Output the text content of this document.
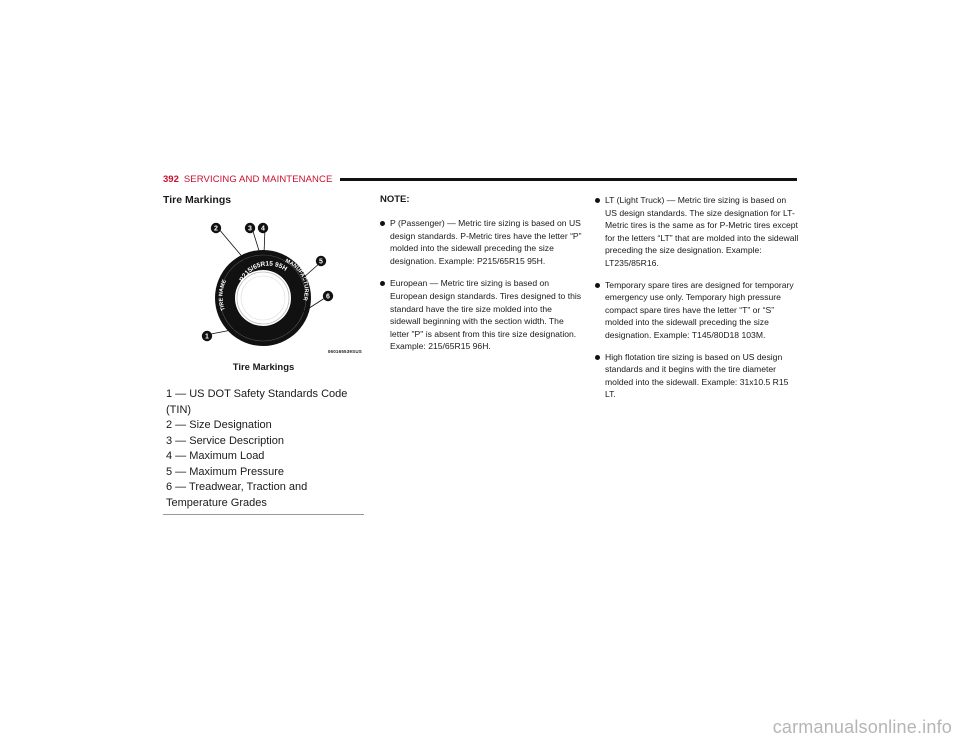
392 SERVICING AND MAINTENANCE
Tire Markings
P215/65R15 95H
MANUFACTURER
TIRE NAME
1
2	3 4
5
6
060165539SUS
Tire Markings

1 — US DOT Safety Standards Code (TIN)

2 — Size Designation

3 — Service Description

4 — Maximum Load

5 — Maximum Pressure

6 — Treadwear, Traction and Temperature Grades

NOTE:

P (Passenger) — Metric tire sizing is based on US design standards. P-Metric tires have the letter “P” molded into the sidewall preceding the size designation. Example: P215/65R15 95H.
European — Metric tire sizing is based on European design standards. Tires designed to this standard have the tire size molded into the sidewall beginning with the section width. The letter "P" is absent from this tire size designation. Example: 215/65R15 96H.
LT (Light Truck) — Metric tire sizing is based on US design standards. The size designation for LT-Metric tires is the same as for P-Metric tires except for the letters “LT” that are molded into the sidewall preceding the size designation. Example: LT235/85R16.
Temporary spare tires are designed for temporary emergency use only. Temporary high pressure compact spare tires have the letter “T” or “S” molded into the sidewall preceding the size designation. Example: T145/80D18 103M.
High flotation tire sizing is based on US design standards and it begins with the tire diameter molded into the sidewall. Example: 31x10.5 R15 LT.
carmanualsonline.info
